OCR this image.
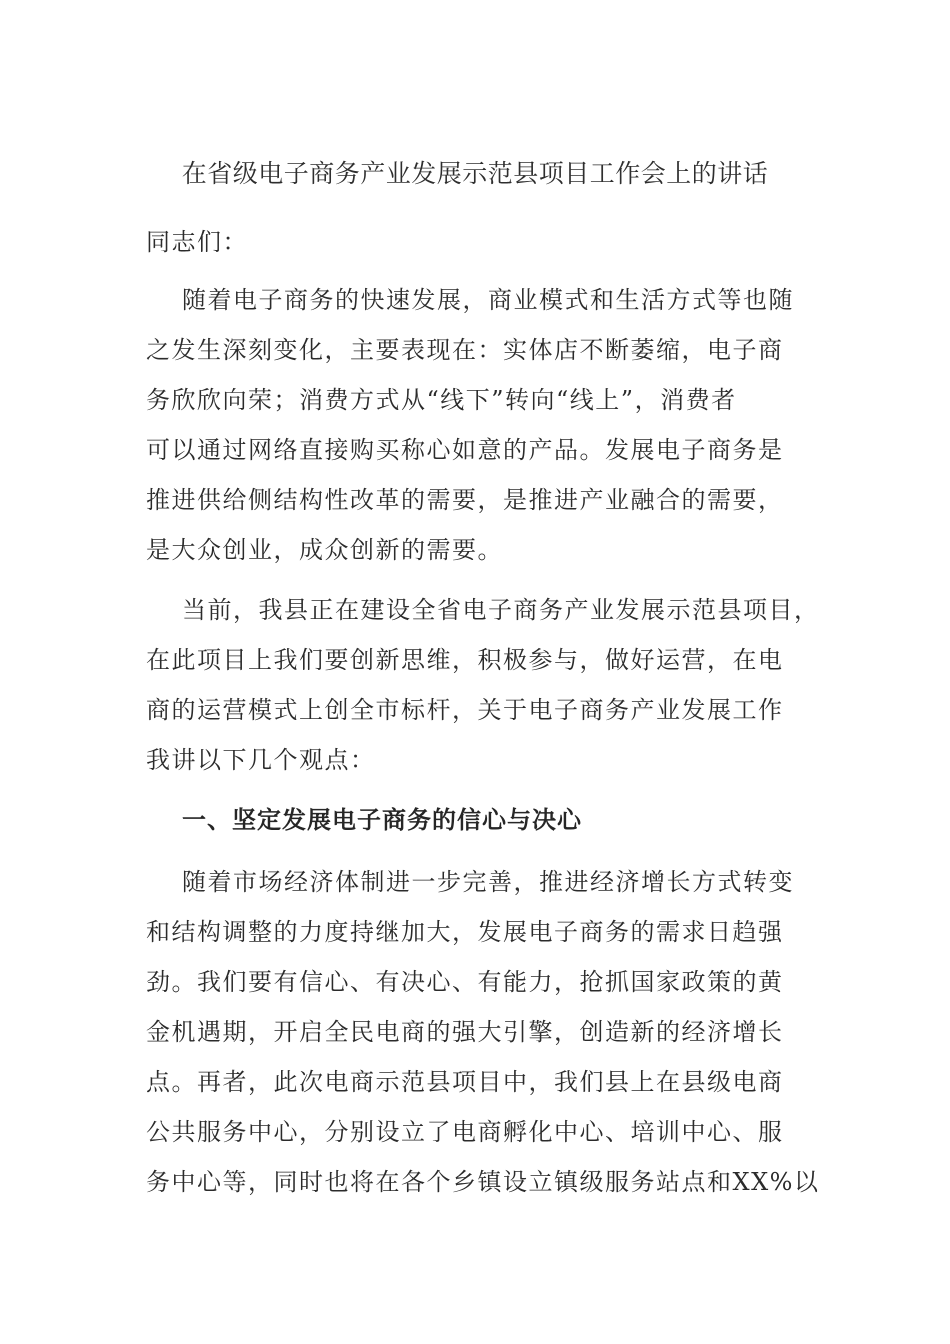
在省级电子商务产业发展示范县项目工作会上的讲话

同志们：

随着电子商务的快速发展，商业模式和生活方式等也随

之发生深刻变化，主要表现在：实体店不断萎缩，电子商

务欣欣向荣；消费方式从“线下”转向“线上”，消费者

可以通过网络直接购买称心如意的产品。发展电子商务是

推进供给侧结构性改革的需要，是推进产业融合的需要，

是大众创业，成众创新的需要。

当前，我县正在建设全省电子商务产业发展示范县项目，

在此项目上我们要创新思维，积极参与，做好运营，在电

商的运营模式上创全市标杆，关于电子商务产业发展工作

我讲以下几个观点：

一、坚定发展电子商务的信心与决心

随着市场经济体制进一步完善，推进经济增长方式转变

和结构调整的力度持继加大，发展电子商务的需求日趋强

劲。我们要有信心、有决心、有能力，抢抓国家政策的黄

金机遇期，开启全民电商的强大引擎，创造新的经济增长

点。再者，此次电商示范县项目中，我们县上在县级电商

公共服务中心，分别设立了电商孵化中心、培训中心、服

务中心等，同时也将在各个乡镇设立镇级服务站点和XX%以
